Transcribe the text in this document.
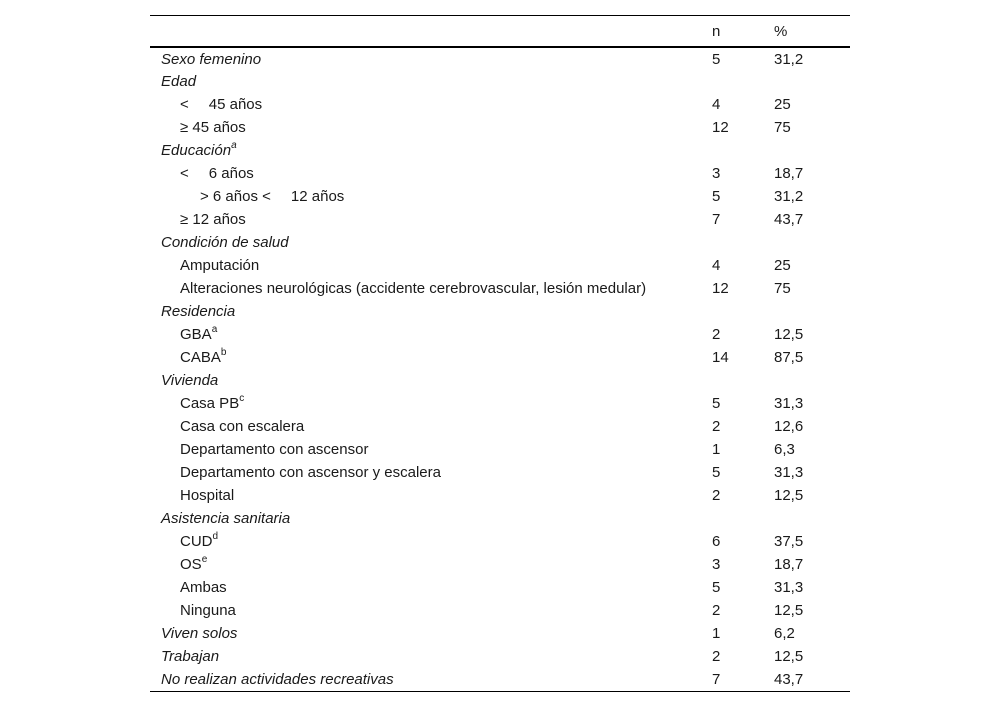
	n	%
Sexo femenino	5	31,2
Edad		
< 45 años	4	25
≥ 45 años	12	75
Educación$^a$		
< 6 años	3	18,7
> 6 años < 12 años	5	31,2
≥ 12 años	7	43,7
Condición de salud		
Amputación	4	25
Alteraciones neurológicas (accidente cerebrovascular, lesión medular)	12	75
Residencia		
GBA$^a$	2	12,5
CABA$^b$	14	87,5
Vivienda		
Casa $PB^c$	5	31,3
Casa con escalera	2	12,6
Departamento con ascensor	1	6,3
Departamento con ascensor y escalera	5	31,3
Hospital	2	12,5
Asistencia sanitaria		
CUD$^d$	6	37,5
$OS^e$	3	18,7
Ambas	5	31,3
Ninguna	2	12,5
Viven solos	1	6,2
Trabajan	2	12,5
No realizan actividades recreativas	7	43,7
